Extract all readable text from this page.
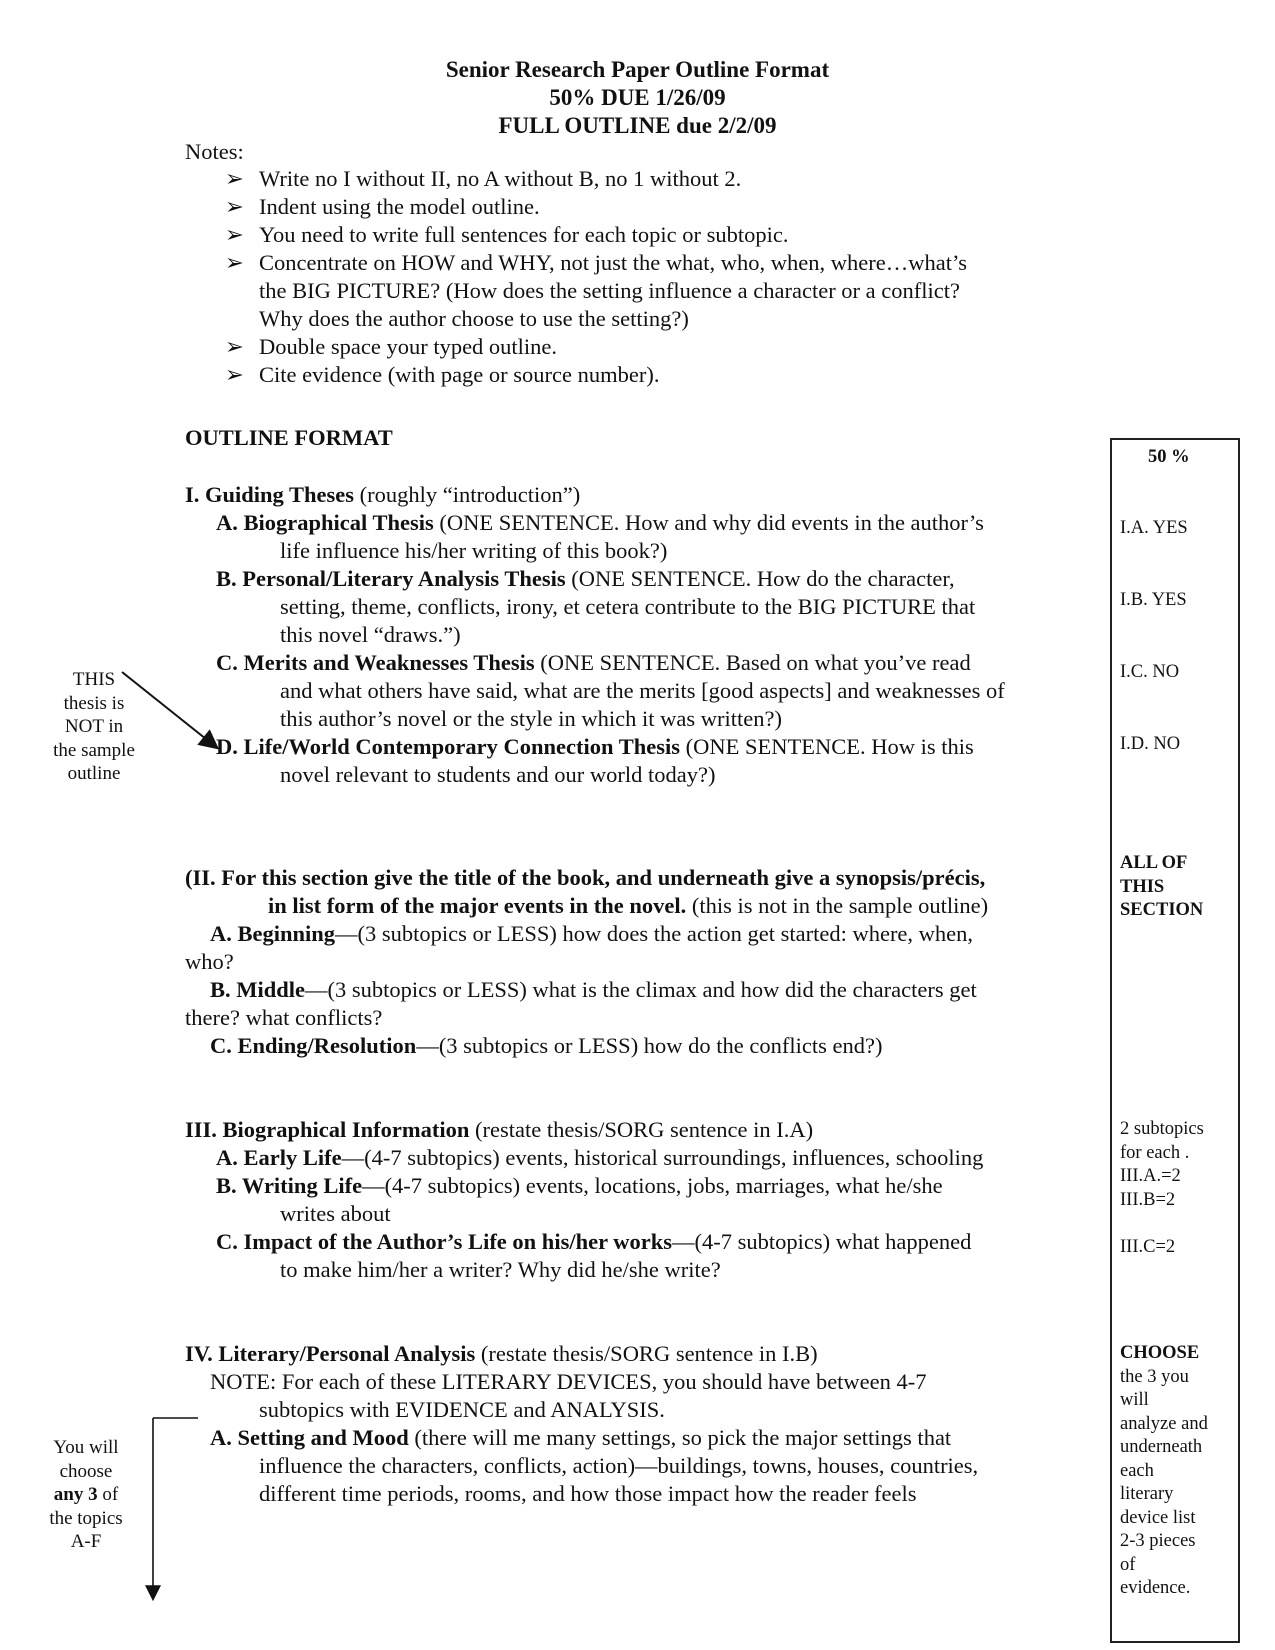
Senior Research Paper Outline Format
50% DUE 1/26/09
FULL OUTLINE due 2/2/09
Notes:
➢ Write no I without II, no A without B, no 1 without 2.
➢ Indent using the model outline.
➢ You need to write full sentences for each topic or subtopic.
➢ Concentrate on HOW and WHY, not just the what, who, when, where…what’s
the BIG PICTURE? (How does the setting influence a character or a conflict?
Why does the author choose to use the setting?)
➢ Double space your typed outline.
➢ Cite evidence (with page or source number).
OUTLINE FORMAT
I. Guiding Theses (roughly “introduction”)
A. Biographical Thesis (ONE SENTENCE. How and why did events in the author’s
life influence his/her writing of this book?)
B. Personal/Literary Analysis Thesis (ONE SENTENCE. How do the character,
setting, theme, conflicts, irony, et cetera contribute to the BIG PICTURE that
this novel “draws.”)
C. Merits and Weaknesses Thesis (ONE SENTENCE. Based on what you’ve read
and what others have said, what are the merits [good aspects] and weaknesses of
this author’s novel or the style in which it was written?)
D. Life/World Contemporary Connection Thesis (ONE SENTENCE. How is this
novel relevant to students and our world today?)
THIS
thesis is
NOT in
the sample
outline
(II. For this section give the title of the book, and underneath give a synopsis/précis,
in list form of the major events in the novel. (this is not in the sample outline)
A. Beginning—(3 subtopics or LESS) how does the action get started: where, when,
who?
B. Middle—(3 subtopics or LESS) what is the climax and how did the characters get
there? what conflicts?
C. Ending/Resolution—(3 subtopics or LESS) how do the conflicts end?)
III. Biographical Information (restate thesis/SORG sentence in I.A)
A. Early Life—(4-7 subtopics) events, historical surroundings, influences, schooling
B. Writing Life—(4-7 subtopics) events, locations, jobs, marriages, what he/she
writes about
C. Impact of the Author’s Life on his/her works—(4-7 subtopics) what happened
to make him/her a writer? Why did he/she write?
IV. Literary/Personal Analysis (restate thesis/SORG sentence in I.B)
NOTE: For each of these LITERARY DEVICES, you should have between 4-7
subtopics with EVIDENCE and ANALYSIS.
A. Setting and Mood (there will me many settings, so pick the major settings that
influence the characters, conflicts, action)—buildings, towns, houses, countries,
different time periods, rooms, and how those impact how the reader feels
You will
choose
any 3 of
the topics
A-F
50 %
I.A. YES
I.B. YES
I.C. NO
I.D. NO
ALL OF
THIS
SECTION
2 subtopics
for each .
III.A.=2
III.B=2
III.C=2
CHOOSE
the 3 you
will
analyze and
underneath
each
literary
device list
2-3 pieces
of
evidence.
